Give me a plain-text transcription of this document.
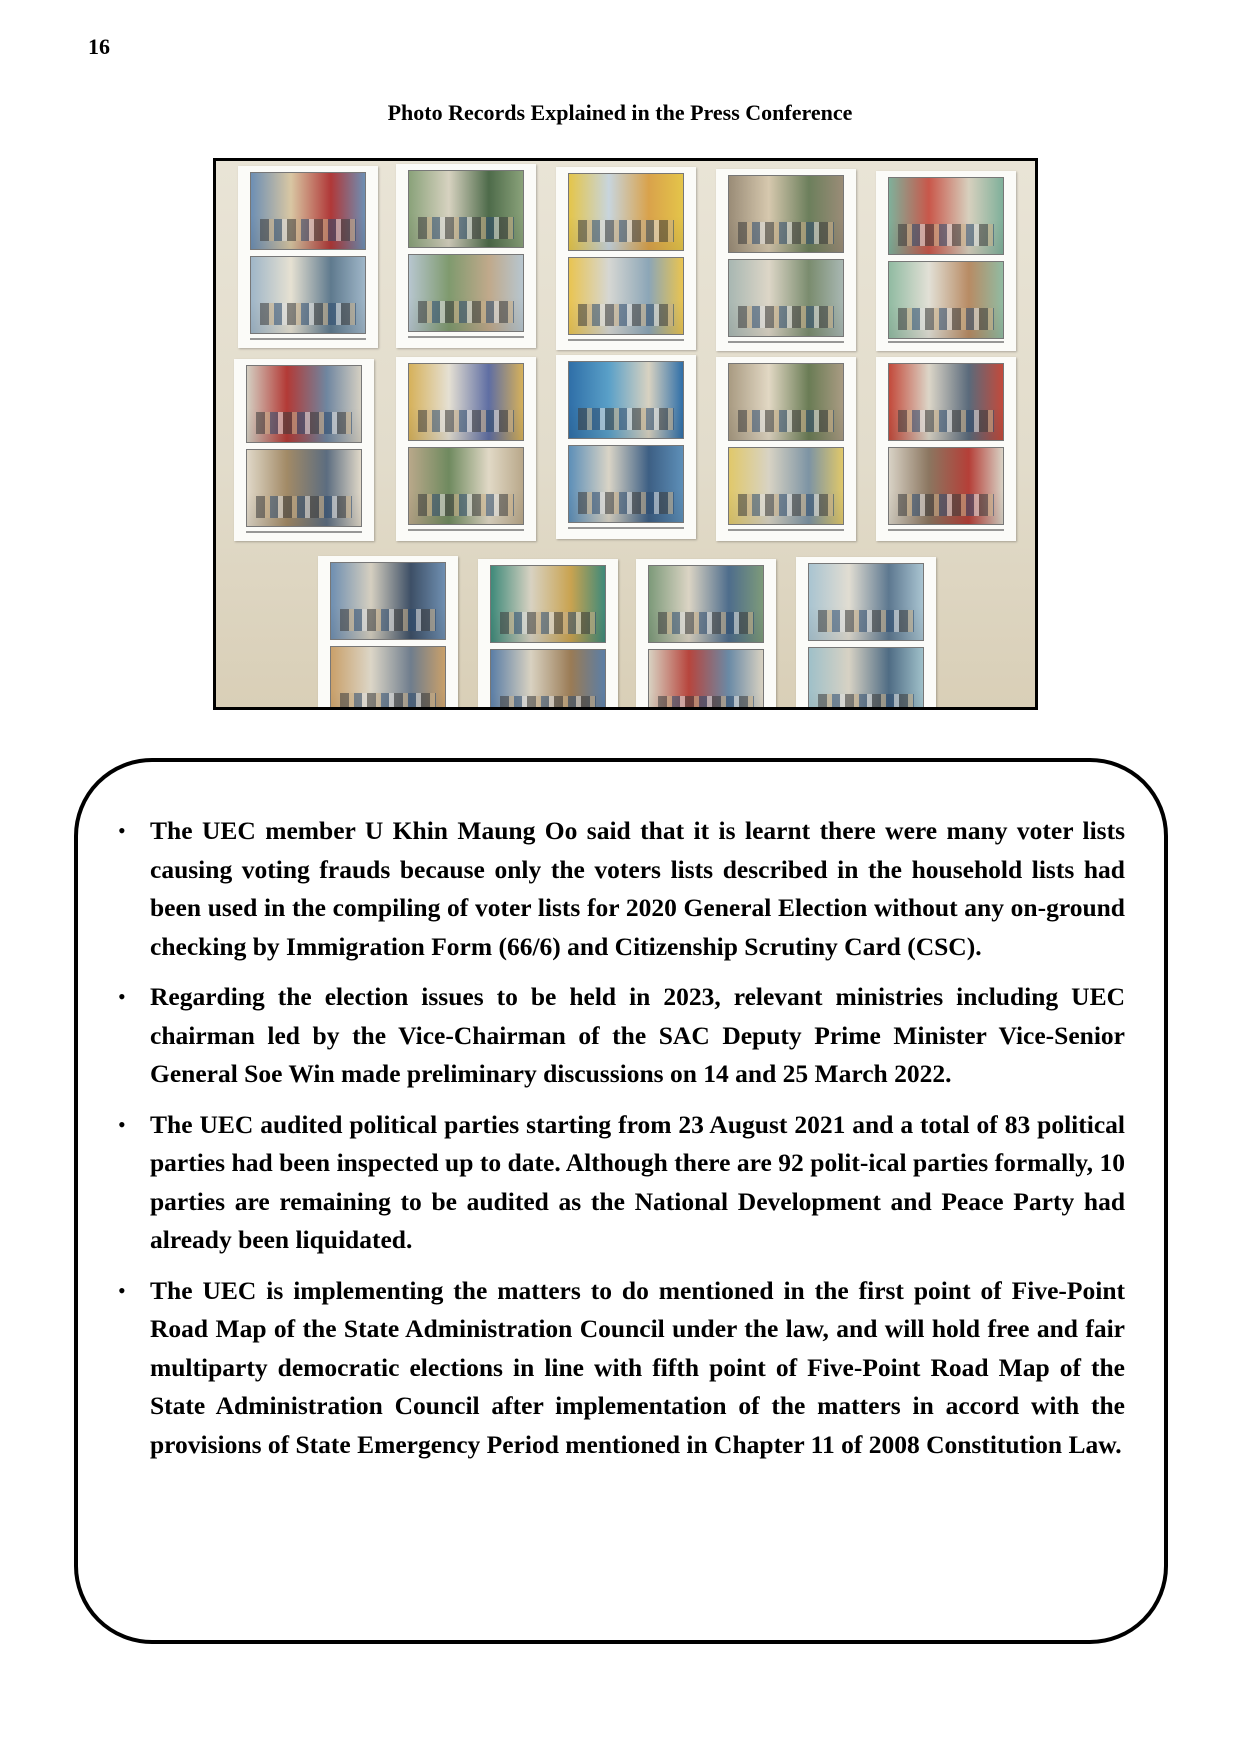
16
Photo Records Explained in the Press Conference
• The UEC member U Khin Maung Oo said that it is learnt there were many voter lists causing voting frauds because only the voters lists described in the household lists had been used in the compiling of voter lists for 2020 General Election without any on-ground checking by Immigration Form (66/6) and Citizenship Scrutiny Card (CSC).
• Regarding the election issues to be held in 2023, relevant ministries including UEC chairman led by the Vice-Chairman of the SAC Deputy Prime Minister Vice-Senior General Soe Win made preliminary discussions on 14 and 25 March 2022.
• The UEC audited political parties starting from 23 August 2021 and a total of 83 political parties had been inspected up to date. Although there are 92 polit-ical parties formally, 10 parties are remaining to be audited as the National Development and Peace Party had already been liquidated.
• The UEC is implementing the matters to do mentioned in the first point of Five-Point Road Map of the State Administration Council under the law, and will hold free and fair multiparty democratic elections in line with fifth point of Five-Point Road Map of the State Administration Council after implementation of the matters in accord with the provisions of State Emergency Period mentioned in Chapter 11 of 2008 Constitution Law.
